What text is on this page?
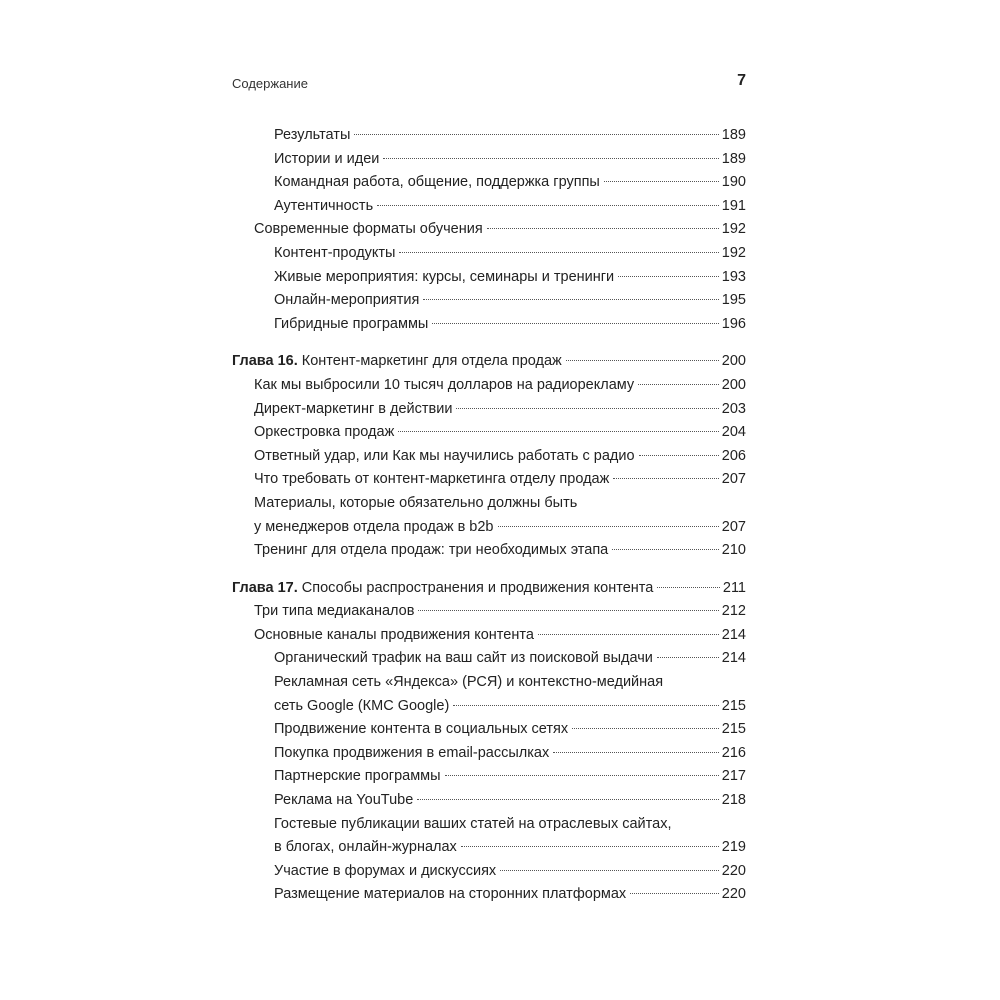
Содержание	7
Результаты	189
Истории и идеи	189
Командная работа, общение, поддержка группы	190
Аутентичность	191
Современные форматы обучения	192
Контент-продукты	192
Живые мероприятия: курсы, семинары и тренинги	193
Онлайн-мероприятия	195
Гибридные программы	196
Глава 16. Контент-маркетинг для отдела продаж	200
Как мы выбросили 10 тысяч долларов на радиорекламу	200
Директ-маркетинг в действии	203
Оркестровка продаж	204
Ответный удар, или Как мы научились работать с радио	206
Что требовать от контент-маркетинга отделу продаж	207
Материалы, которые обязательно должны быть
у менеджеров отдела продаж в b2b	207
Тренинг для отдела продаж: три необходимых этапа	210
Глава 17. Способы распространения и продвижения контента	211
Три типа медиаканалов	212
Основные каналы продвижения контента	214
Органический трафик на ваш сайт из поисковой выдачи	214
Рекламная сеть «Яндекса» (РСЯ) и контекстно-медийная
сеть Google (КМС Google)	215
Продвижение контента в социальных сетях	215
Покупка продвижения в email-рассылках	216
Партнерские программы	217
Реклама на YouTube	218
Гостевые публикации ваших статей на отраслевых сайтах,
в блогах, онлайн-журналах	219
Участие в форумах и дискуссиях	220
Размещение материалов на сторонних платформах	220
